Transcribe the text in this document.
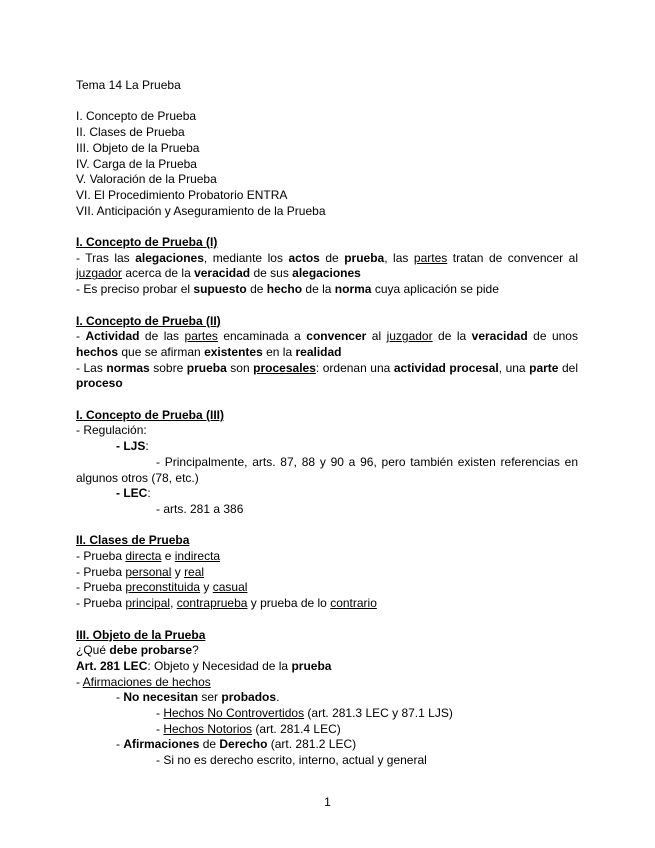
Tema 14 La Prueba
I. Concepto de Prueba
II. Clases de Prueba
III. Objeto de la Prueba
IV. Carga de la Prueba
V. Valoración de la Prueba
VI. El Procedimiento Probatorio ENTRA
VII. Anticipación y Aseguramiento de la Prueba
I. Concepto de Prueba (I)
- Tras las alegaciones, mediante los actos de prueba, las partes tratan de convencer al
juzgador acerca de la veracidad de sus alegaciones
- Es preciso probar el supuesto de hecho de la norma cuya aplicación se pide
I. Concepto de Prueba (II)
- Actividad de las partes encaminada a convencer al juzgador de la veracidad de unos
hechos que se afirman existentes en la realidad
- Las normas sobre prueba son procesales: ordenan una actividad procesal, una parte del
proceso
I. Concepto de Prueba (III)
- Regulación:
- LJS:
- Principalmente, arts. 87, 88 y 90 a 96, pero también existen referencias en
algunos otros (78, etc.)
- LEC:
- arts. 281 a 386
II. Clases de Prueba
- Prueba directa e indirecta
- Prueba personal y real
- Prueba preconstituida y casual
- Prueba principal, contraprueba y prueba de lo contrario
III. Objeto de la Prueba
¿Qué debe probarse?
Art. 281 LEC: Objeto y Necesidad de la prueba
- Afirmaciones de hechos
- No necesitan ser probados.
- Hechos No Controvertidos (art. 281.3 LEC y 87.1 LJS)
- Hechos Notorios (art. 281.4 LEC)
- Afirmaciones de Derecho (art. 281.2 LEC)
- Si no es derecho escrito, interno, actual y general
1
